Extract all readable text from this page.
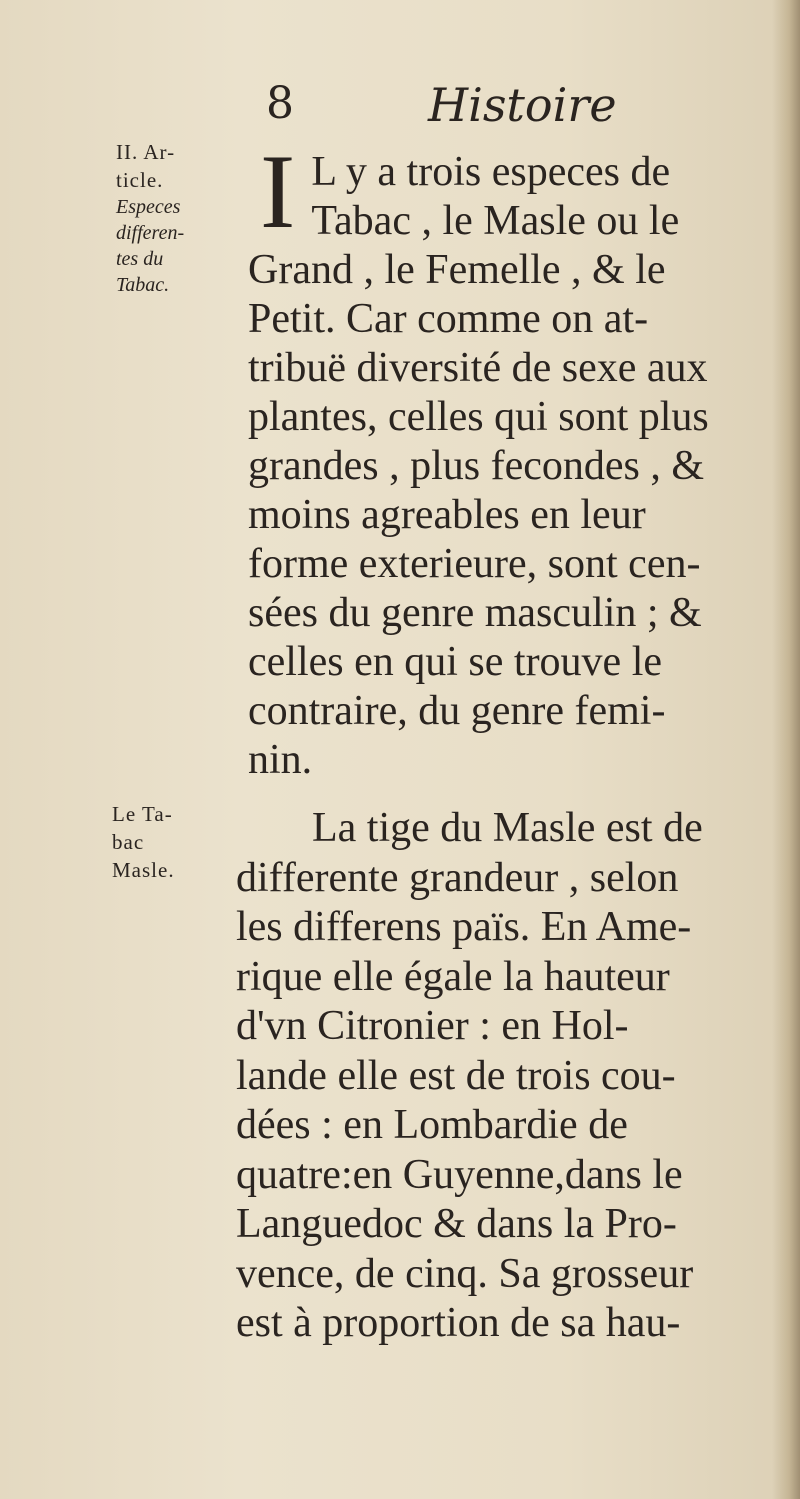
8	Histoire
II. Ar-
ticle.
Especes
differen-
tes du
Tabac.
Le Ta-
bac
Masle.
I L y a trois especes de
Tabac , le Masle ou le
Grand , le Femelle , & le
Petit. Car comme on at-
tribuë diversité de sexe aux
plantes, celles qui sont plus
grandes , plus fecondes , &
moins agreables en leur
forme exterieure, sont cen-
sées du genre masculin ; &
celles en qui se trouve le
contraire, du genre femi-
nin.
La tige du Masle est de
differente grandeur , selon
les differens païs. En Ame-
rique elle égale la hauteur
d'vn Citronier : en Hol-
lande elle est de trois cou-
dées : en Lombardie de
quatre:en Guyenne,dans le
Languedoc & dans la Pro-
vence, de cinq. Sa grosseur
est à proportion de sa hau-
